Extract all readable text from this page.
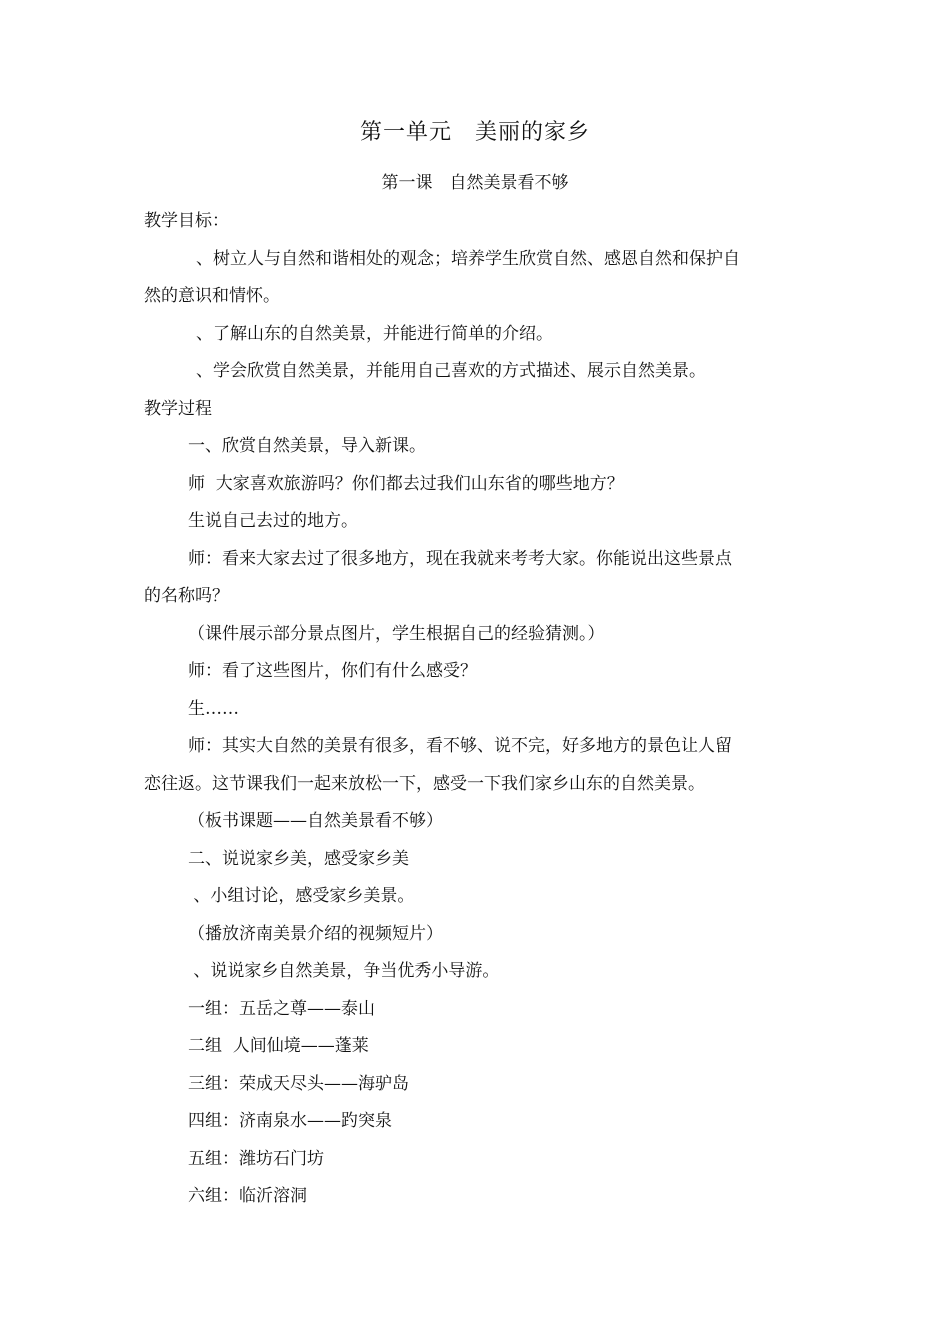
第一单元　美丽的家乡
第一课　自然美景看不够
教学目标：
、树立人与自然和谐相处的观念；培养学生欣赏自然、感恩自然和保护自
然的意识和情怀。
、了解山东的自然美景，并能进行简单的介绍。
、学会欣赏自然美景，并能用自己喜欢的方式描述、展示自然美景。
教学过程
一、欣赏自然美景，导入新课。
师  大家喜欢旅游吗？你们都去过我们山东省的哪些地方？
生说自己去过的地方。
师：看来大家去过了很多地方，现在我就来考考大家。你能说出这些景点
的名称吗？
（课件展示部分景点图片，学生根据自己的经验猜测。）
师：看了这些图片，你们有什么感受？
生……
师：其实大自然的美景有很多，看不够、说不完，好多地方的景色让人留
恋往返。这节课我们一起来放松一下，感受一下我们家乡山东的自然美景。
（板书课题——自然美景看不够）
二、说说家乡美，感受家乡美
、小组讨论，感受家乡美景。
（播放济南美景介绍的视频短片）
、说说家乡自然美景，争当优秀小导游。
一组：五岳之尊——泰山
二组  人间仙境——蓬莱
三组：荣成天尽头——海驴岛
四组：济南泉水——趵突泉
五组：潍坊石门坊
六组：临沂溶洞
